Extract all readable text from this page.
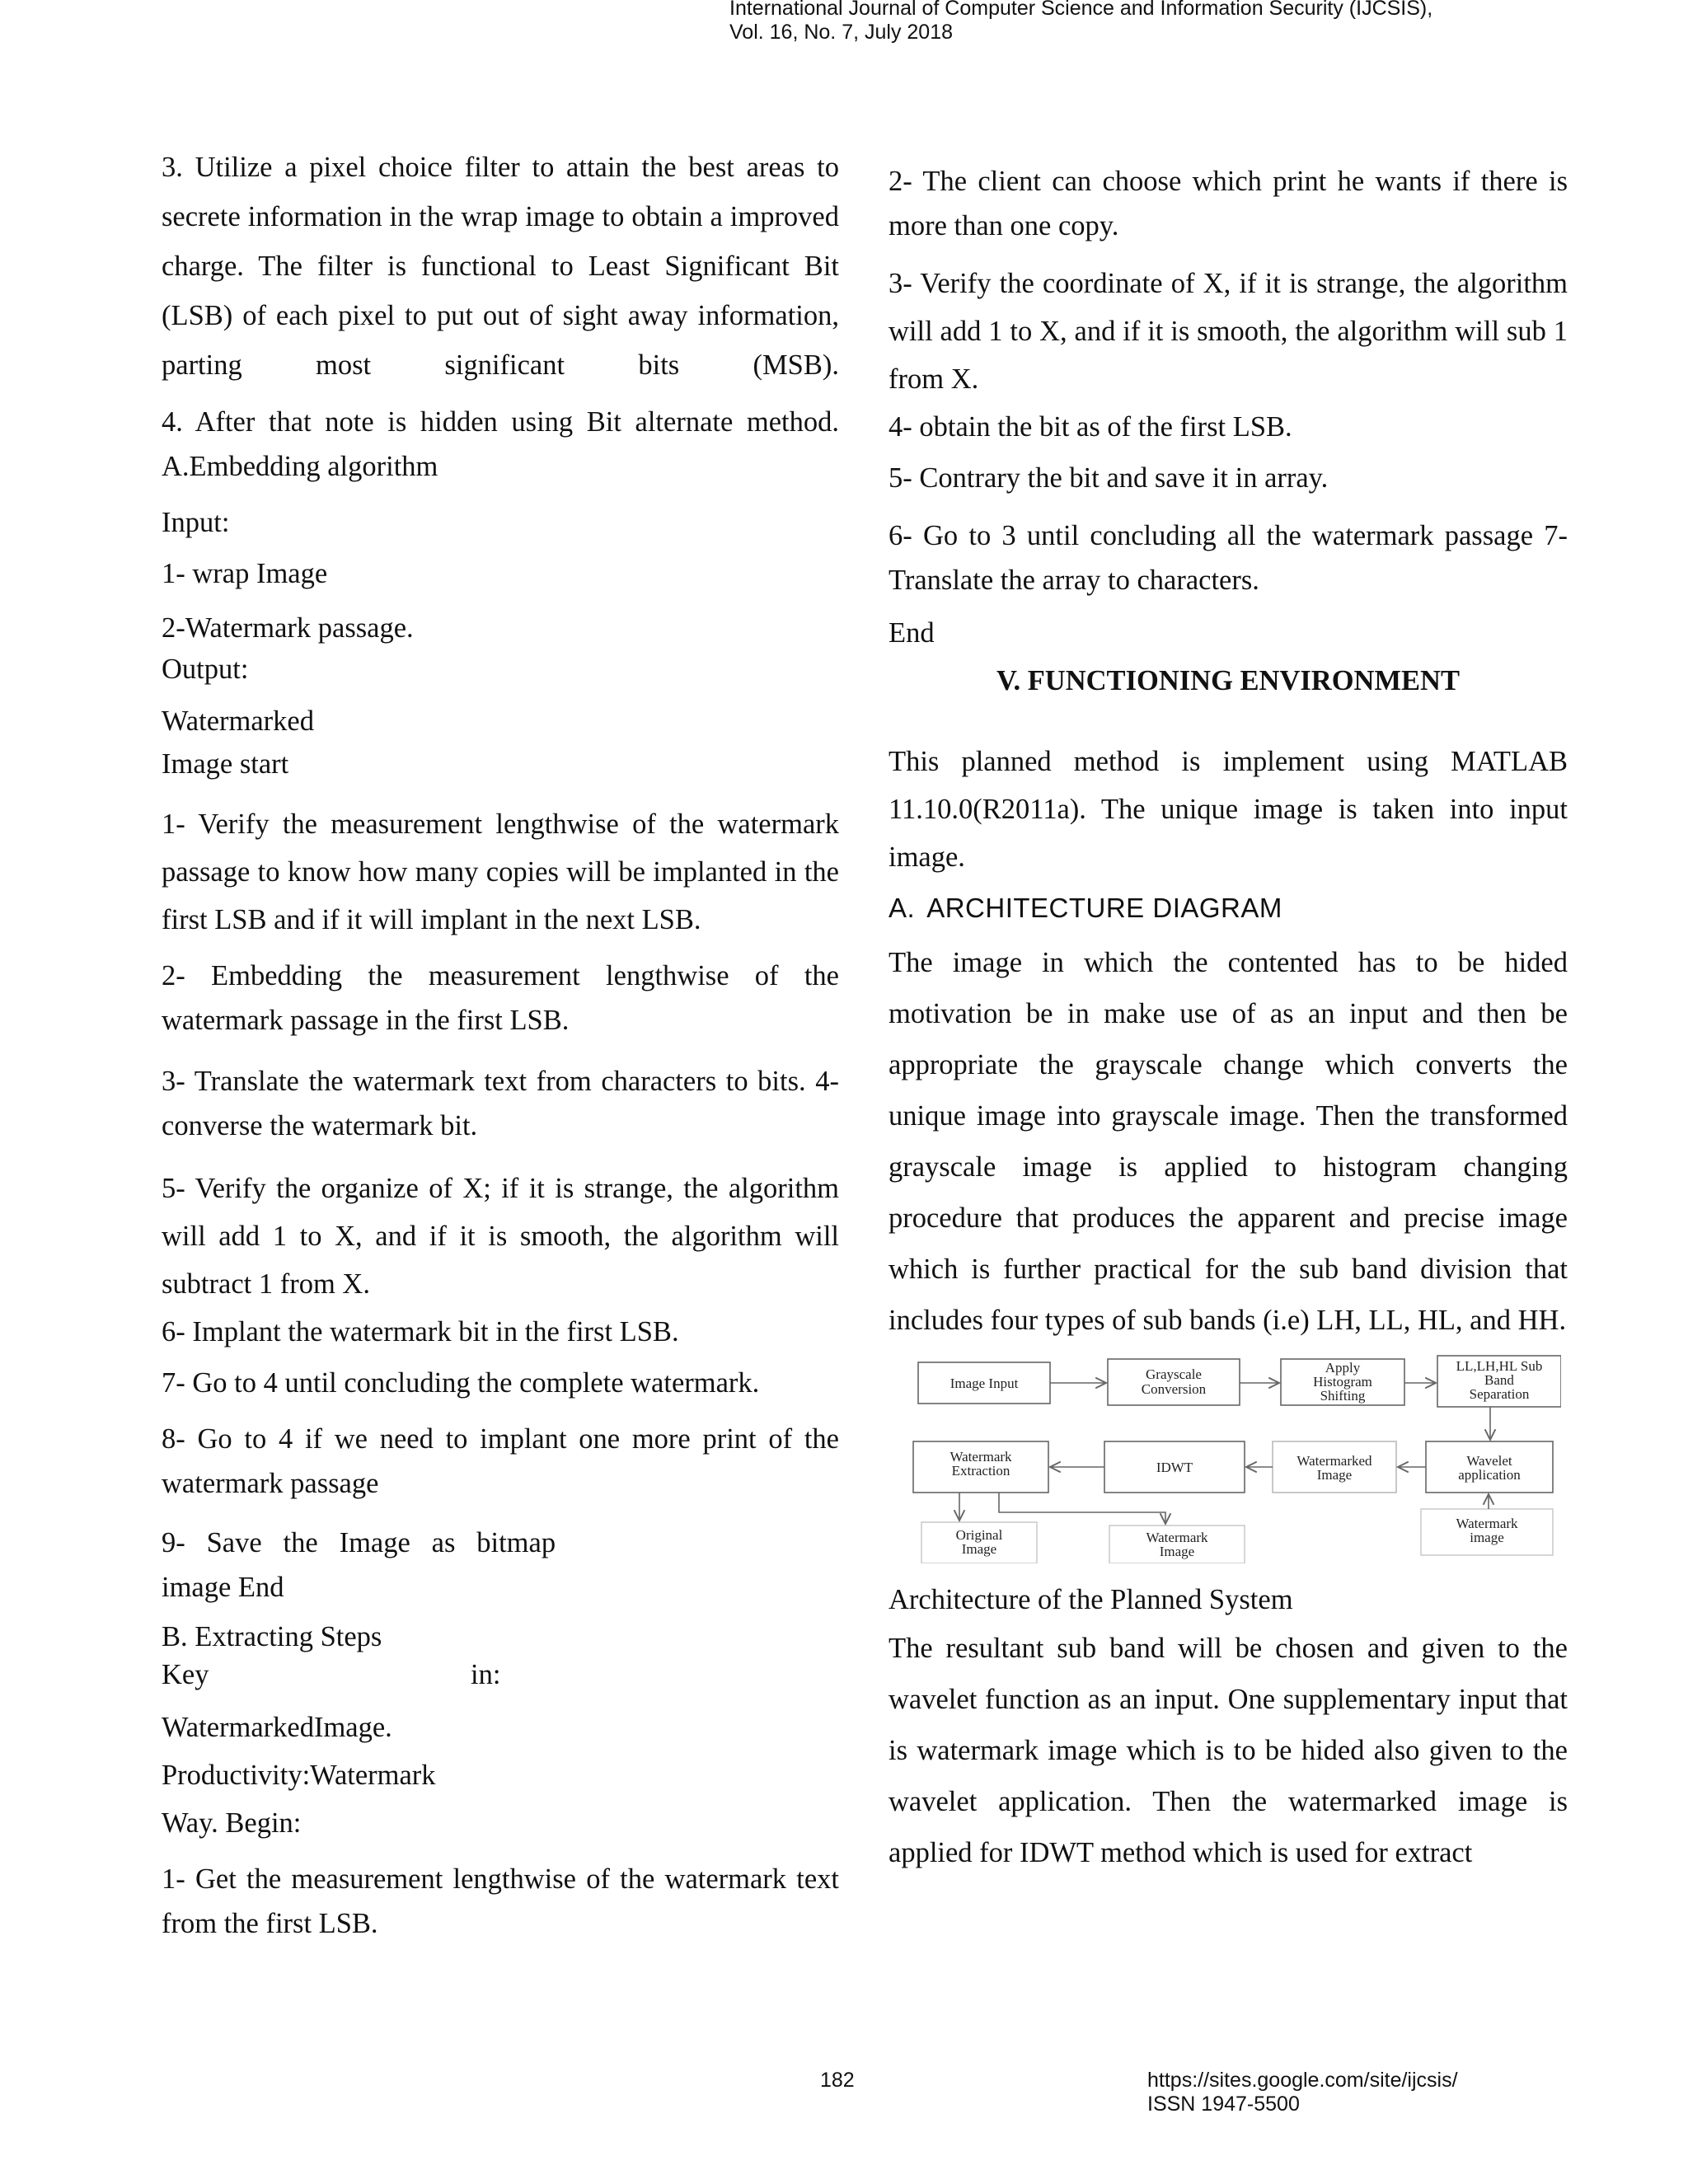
International Journal of Computer Science and Information Security (IJCSIS),
Vol. 16, No. 7, July 2018

3. Utilize a pixel choice filter to attain the best areas to secrete information in the wrap image to obtain a improved charge. The filter is functional to Least Significant Bit (LSB) of each pixel to put out of sight away information, parting most significant bits (MSB).

4. After that note is hidden using Bit alternate method. A.Embedding algorithm

Input:

1- wrap Image

2-Watermark passage.

Output:

Watermarked

Image start

1- Verify the measurement lengthwise of the watermark passage to know how many copies will be implanted in the first LSB and if it will implant in the next LSB.

2- Embedding the measurement lengthwise of the watermark passage in the first LSB.

3- Translate the watermark text from characters to bits. 4- converse the watermark bit.

5- Verify the organize of X; if it is strange, the algorithm will add 1 to X, and if it is smooth, the algorithm will subtract 1 from X.

6- Implant the watermark bit in the first LSB.

7- Go to 4 until concluding the complete watermark.

8- Go to 4 if we need to implant one more print of the watermark passage

9-   Save   the   Image   as   bitmap

image End

B. Extracting Steps

Key	in:

WatermarkedImage.

Productivity:Watermark

Way. Begin:

1- Get the measurement lengthwise of the watermark text from the first LSB.

2- The client can choose which print he wants if there is more than one copy.

3- Verify the coordinate of X, if it is strange, the algorithm will add 1 to X, and if it is smooth, the algorithm will sub 1 from X.

4- obtain the bit as of the first LSB.

5- Contrary the bit and save it in array.

6- Go to 3 until concluding all the watermark passage 7- Translate the array to characters.

End

V. FUNCTIONING ENVIRONMENT

This planned method is implement using MATLAB 11.10.0(R2011a). The unique image is taken into input image.

A. ARCHITECTURE DIAGRAM

The image in which the contented has to be hided motivation be in make use of as an input and then be appropriate the grayscale change which converts the unique image into grayscale image. Then the transformed grayscale image is applied to histogram changing procedure that produces the apparent and precise image which is further practical for the sub band division that includes four types of sub bands (i.e) LH, LL, HL, and HH.

Image Input
Grayscale
Conversion
Apply
Histogram
Shifting
LL,LH,HL Sub
Band
Separation
Watermark
Extraction	IDWT	Watermarked
Image
Wavelet
application
Original
Image
Watermark
Image
Watermark
image

Architecture of the Planned System

The resultant sub band will be chosen and given to the wavelet function as an input. One supplementary input that is watermark image which is to be hided also given to the wavelet application. Then the watermarked image is applied for IDWT method which is used for extract

182	https://sites.google.com/site/ijcsis/
ISSN 1947-5500
